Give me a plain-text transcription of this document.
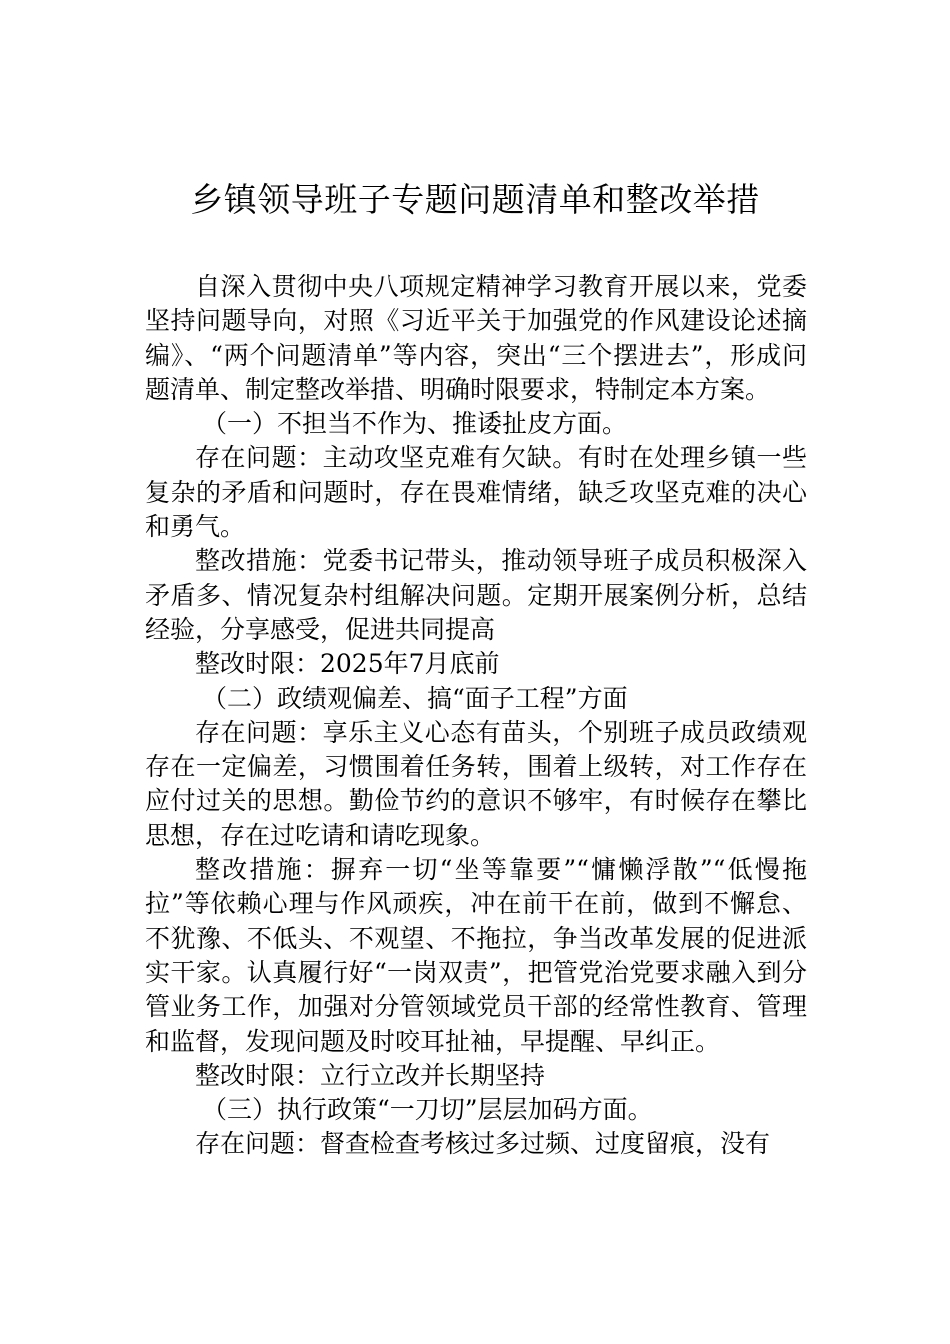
乡镇领导班子专题问题清单和整改举措

自深入贯彻中央八项规定精神学习教育开展以来，党委坚持问题导向，对照《习近平关于加强党的作风建设论述摘编》、“两个问题清单”等内容，突出“三个摆进去”，形成问题清单、制定整改举措、明确时限要求，特制定本方案。

（一）不担当不作为、推诿扯皮方面。

存在问题：主动攻坚克难有欠缺。有时在处理乡镇一些复杂的矛盾和问题时，存在畏难情绪，缺乏攻坚克难的决心和勇气。

整改措施：党委书记带头，推动领导班子成员积极深入矛盾多、情况复杂村组解决问题。定期开展案例分析，总结经验，分享感受，促进共同提高

整改时限：2025年7月底前

（二）政绩观偏差、搞“面子工程”方面

存在问题：享乐主义心态有苗头，个别班子成员政绩观存在一定偏差，习惯围着任务转，围着上级转，对工作存在应付过关的思想。勤俭节约的意识不够牢，有时候存在攀比思想，存在过吃请和请吃现象。

整改措施：摒弃一切“坐等靠要”“慵懒浮散”“低慢拖拉”等依赖心理与作风顽疾，冲在前干在前，做到不懈怠、不犹豫、不低头、不观望、不拖拉，争当改革发展的促进派实干家。认真履行好“一岗双责”，把管党治党要求融入到分管业务工作，加强对分管领域党员干部的经常性教育、管理和监督，发现问题及时咬耳扯袖，早提醒、早纠正。

整改时限：立行立改并长期坚持

（三）执行政策“一刀切”层层加码方面。

存在问题：督查检查考核过多过频、过度留痕，没有
